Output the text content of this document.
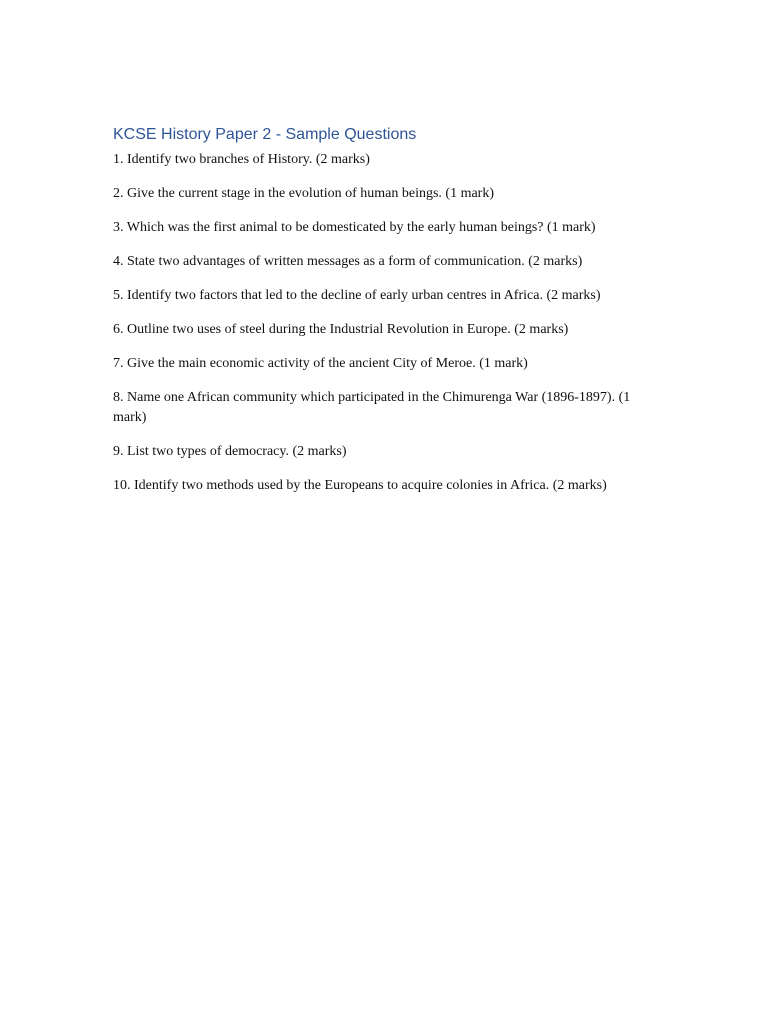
KCSE History Paper 2 - Sample Questions
1. Identify two branches of History. (2 marks)
2. Give the current stage in the evolution of human beings. (1 mark)
3. Which was the first animal to be domesticated by the early human beings? (1 mark)
4. State two advantages of written messages as a form of communication. (2 marks)
5. Identify two factors that led to the decline of early urban centres in Africa. (2 marks)
6. Outline two uses of steel during the Industrial Revolution in Europe. (2 marks)
7. Give the main economic activity of the ancient City of Meroe. (1 mark)
8. Name one African community which participated in the Chimurenga War (1896-1897). (1 mark)
9. List two types of democracy. (2 marks)
10. Identify two methods used by the Europeans to acquire colonies in Africa. (2 marks)
